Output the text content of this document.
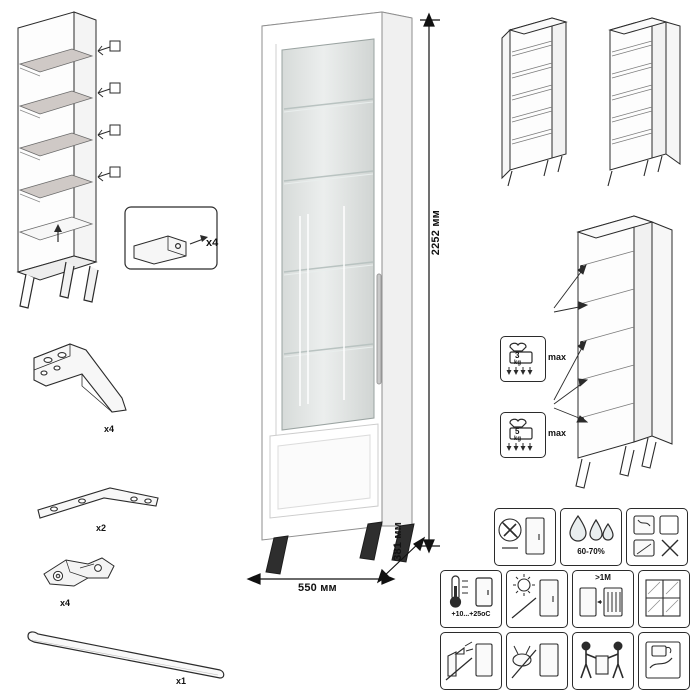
х4
х4
х2
х4
х1
2252 мм
550 мм
381 мм
3
kg
max
5
kg
max
60-70%
+10...+25оC
>1М
